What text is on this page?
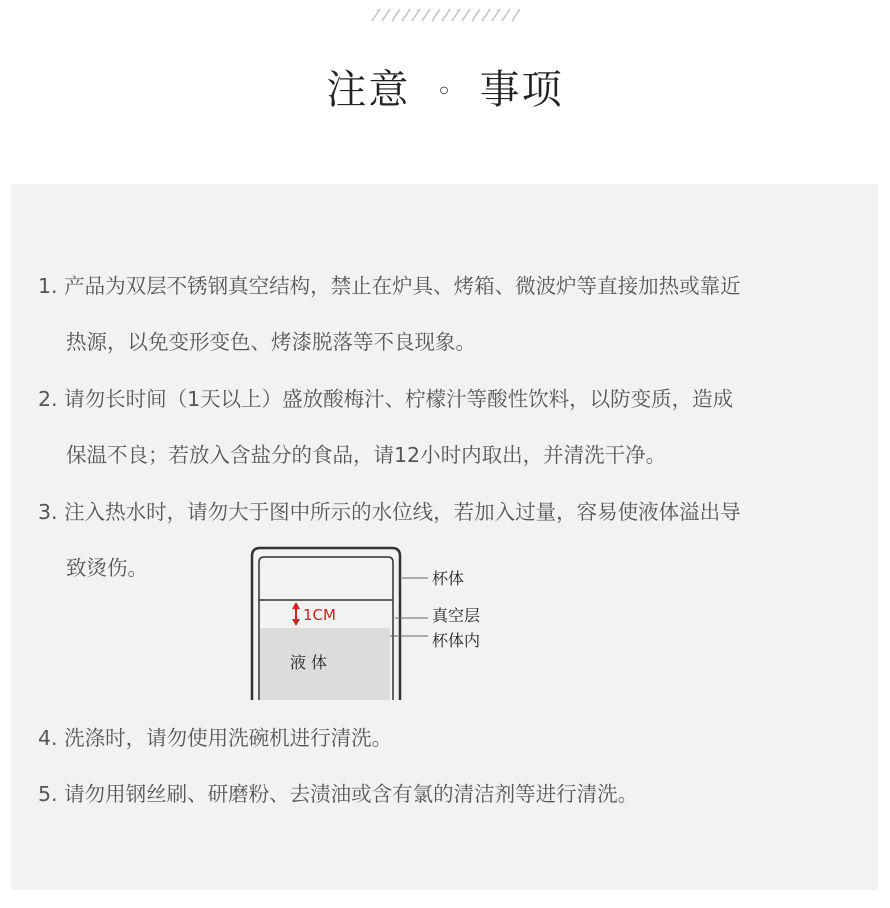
注意 ◦ 事项
1. 产品为双层不锈钢真空结构，禁止在炉具、烤箱、微波炉等直接加热或靠近
热源，以免变形变色、烤漆脱落等不良现象。
2. 请勿长时间（1天以上）盛放酸梅汁、柠檬汁等酸性饮料，以防变质，造成
保温不良；若放入含盐分的食品，请12小时内取出，并清洗干净。
3. 注入热水时，请勿大于图中所示的水位线，若加入过量，容易使液体溢出导
致烫伤。
1CM
液 体
杯体
真空层
杯体内
4. 洗涤时，请勿使用洗碗机进行清洗。
5. 请勿用钢丝刷、研磨粉、去渍油或含有氯的清洁剂等进行清洗。
